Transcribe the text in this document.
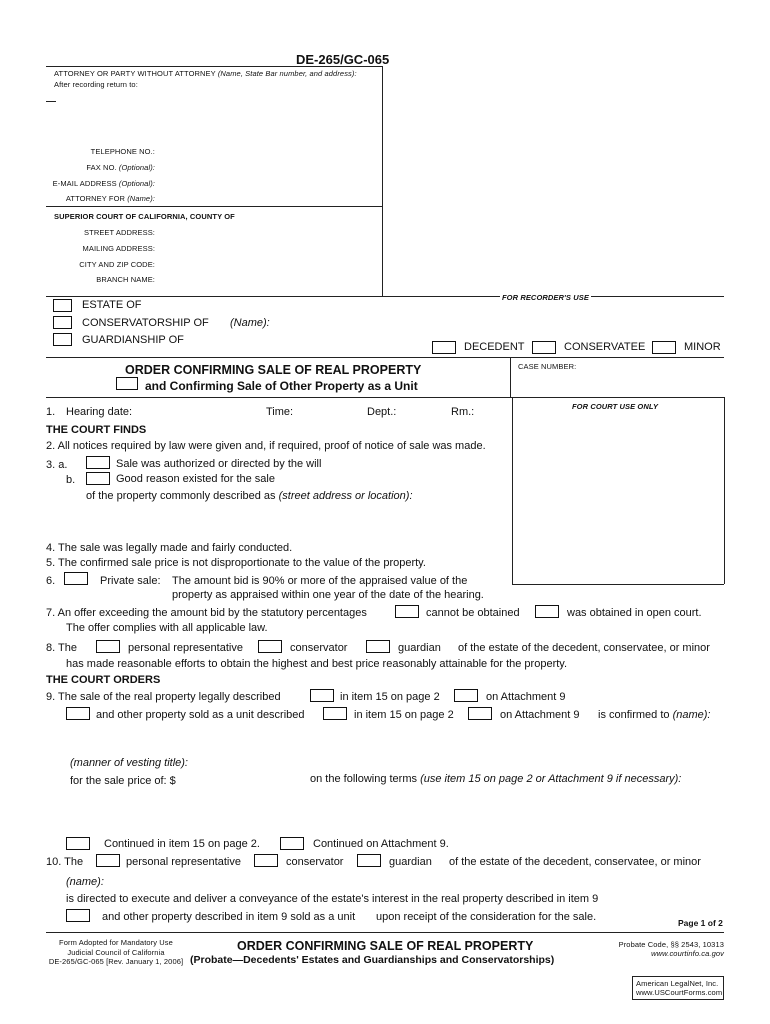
DE-265/GC-065
ATTORNEY OR PARTY WITHOUT ATTORNEY (Name, State Bar number, and address):
After recording return to:
TELEPHONE NO.:
FAX NO. (Optional):
E-MAIL ADDRESS (Optional):
ATTORNEY FOR (Name):
SUPERIOR COURT OF CALIFORNIA, COUNTY OF
STREET ADDRESS:
MAILING ADDRESS:
CITY AND ZIP CODE:
BRANCH NAME:
FOR RECORDER'S USE
ESTATE OF
CONSERVATORSHIP OF (Name):
GUARDIANSHIP OF
DECEDENT	CONSERVATEE	MINOR
ORDER CONFIRMING SALE OF REAL PROPERTY
and Confirming Sale of Other Property as a Unit
CASE NUMBER:
FOR COURT USE ONLY
1. Hearing date:	Time:	Dept.:	Rm.:
THE COURT FINDS
2. All notices required by law were given and, if required, proof of notice of sale was made.
3. a.	Sale was authorized or directed by the will
b.	Good reason existed for the sale
of the property commonly described as (street address or location):
4. The sale was legally made and fairly conducted.
5. The confirmed sale price is not disproportionate to the value of the property.
6.	Private sale: The amount bid is 90% or more of the appraised value of the
property as appraised within one year of the date of the hearing.
7. An offer exceeding the amount bid by the statutory percentages	cannot be obtained	was obtained in open court.
The offer complies with all applicable law.
8. The	personal representative	conservator	guardian of the estate of the decedent, conservatee, or minor
has made reasonable efforts to obtain the highest and best price reasonably attainable for the property.
THE COURT ORDERS
9. The sale of the real property legally described	in item 15 on page 2	on Attachment 9
and other property sold as a unit described	in item 15 on page 2	on Attachment 9 is confirmed to (name):
(manner of vesting title):
for the sale price of: $	on the following terms (use item 15 on page 2 or Attachment 9 if necessary):
Continued in item 15 on page 2.	Continued on Attachment 9.
10. The	personal representative	conservator	guardian of the estate of the decedent, conservatee, or minor
(name):
is directed to execute and deliver a conveyance of the estate's interest in the real property described in item 9
and other property described in item 9 sold as a unit upon receipt of the consideration for the sale.	Page 1 of 2
Form Adopted for Mandatory Use
Judicial Council of California
DE-265/GC-065 [Rev. January 1, 2006]
ORDER CONFIRMING SALE OF REAL PROPERTY
(Probate—Decedents' Estates and Guardianships and Conservatorships)
Probate Code, §§ 2543, 10313
www.courtinfo.ca.gov
American LegalNet, Inc.
www.USCourtForms.com
